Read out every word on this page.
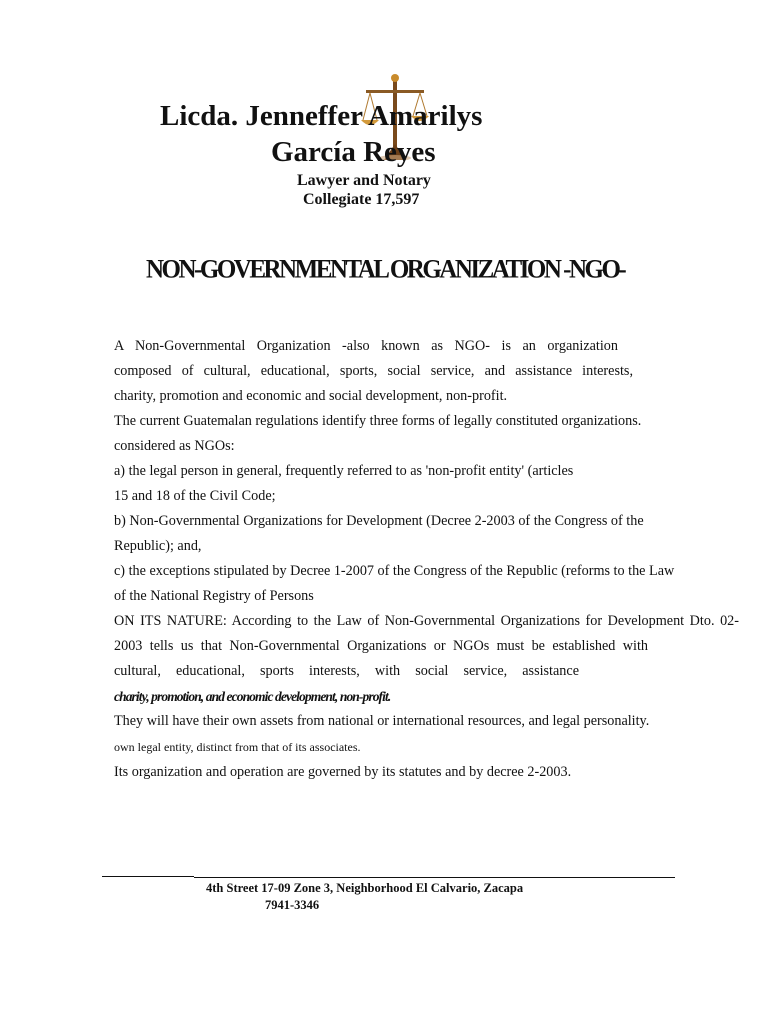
Licda. Jenneffer Amarilys
García Reyes
Lawyer and Notary
Collegiate 17,597
NON-GOVERNMENTAL ORGANIZATION -NGO-
A Non-Governmental Organization -also known as NGO- is an organization
composed of cultural, educational, sports, social service, and assistance interests,
charity, promotion and economic and social development, non-profit.
The current Guatemalan regulations identify three forms of legally constituted organizations.
considered as NGOs:
a) the legal person in general, frequently referred to as 'non-profit entity' (articles
15 and 18 of the Civil Code;
b) Non-Governmental Organizations for Development (Decree 2-2003 of the Congress of the
Republic); and,
c) the exceptions stipulated by Decree 1-2007 of the Congress of the Republic (reforms to the Law
of the National Registry of Persons
ON ITS NATURE: According to the Law of Non-Governmental Organizations for Development Dto. 02-
2003 tells us that Non-Governmental Organizations or NGOs must be established with
cultural, educational, sports interests, with social service, assistance
charity, promotion, and economic development, non-profit.
They will have their own assets from national or international resources, and legal personality.
own legal entity, distinct from that of its associates.
Its organization and operation are governed by its statutes and by decree 2-2003.
4th Street 17-09 Zone 3, Neighborhood El Calvario, Zacapa
7941-3346
